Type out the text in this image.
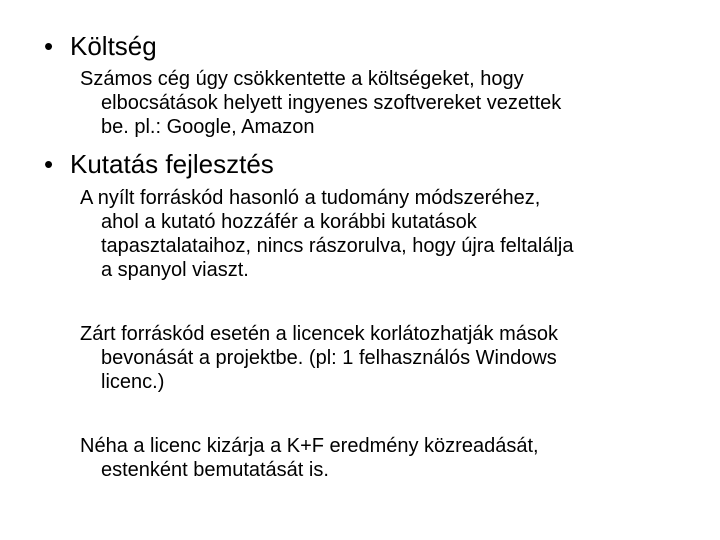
• Költség
Számos cég úgy csökkentette a költségeket, hogy
elbocsátások helyett ingyenes szoftvereket vezettek
be. pl.: Google, Amazon
• Kutatás fejlesztés
A nyílt forráskód hasonló a tudomány módszeréhez,
ahol a kutató hozzáfér a korábbi kutatások
tapasztalataihoz, nincs rászorulva, hogy újra feltalálja
a spanyol viaszt.
Zárt forráskód esetén a licencek korlátozhatják mások
bevonását a projektbe. (pl: 1 felhasználós Windows
licenc.)
Néha a licenc kizárja a K+F eredmény közreadását,
estenként bemutatását is.
